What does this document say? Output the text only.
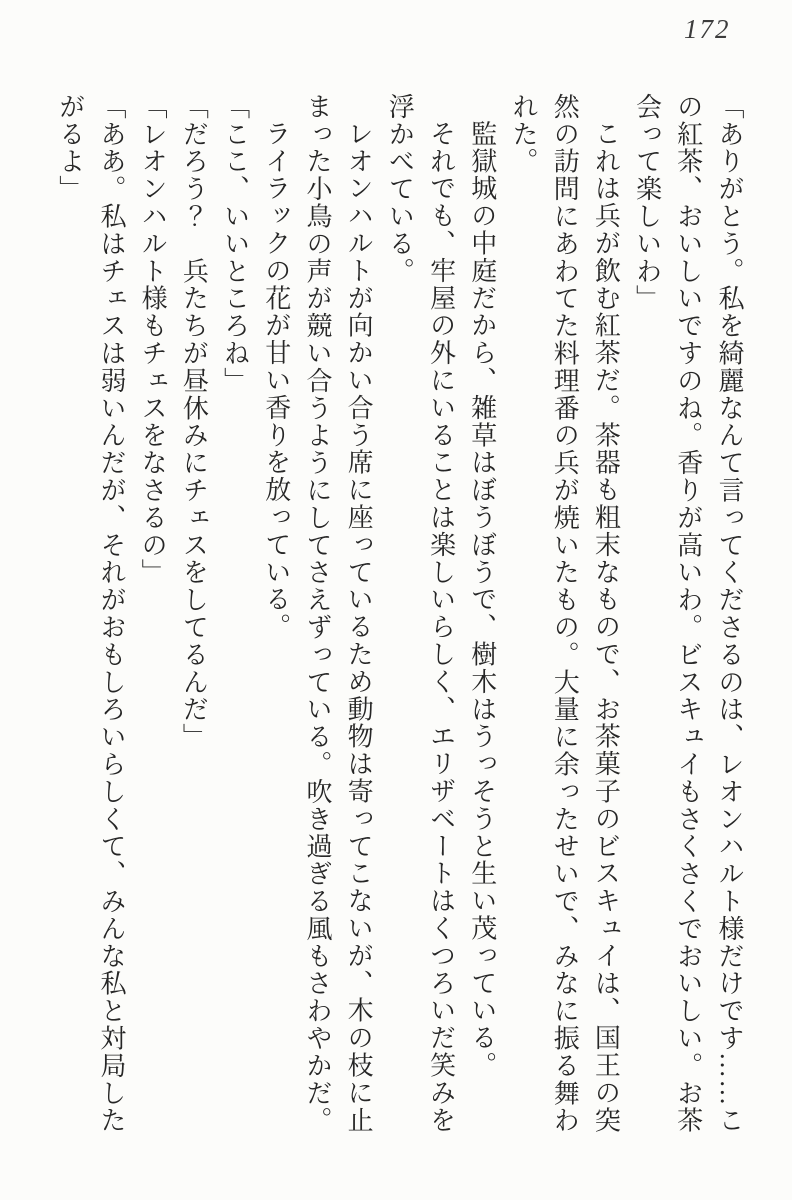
172

「ありがとう。私を綺麗なんて言ってくださるのは、レオンハルト様だけです……こ

の紅茶、おいしいですのね。香りが高いわ。ビスキュイもさくさくでおいしい。お茶

会って楽しいわ」

これは兵が飲む紅茶だ。茶器も粗末なもので、お茶菓子のビスキュイは、国王の突

然の訪問にあわてた料理番の兵が焼いたもの。大量に余ったせいで、みなに振る舞わ

れた。

監獄城の中庭だから、雑草はぼうぼうで、樹木はうっそうと生い茂っている。

それでも、牢屋の外にいることは楽しいらしく、エリザベートはくつろいだ笑みを

浮かべている。

レオンハルトが向かい合う席に座っているため動物は寄ってこないが、木の枝に止

まった小鳥の声が競い合うようにしてさえずっている。吹き過ぎる風もさわやかだ。

ライラックの花が甘い香りを放っている。

「ここ、いいところね」

「だろう？　兵たちが昼休みにチェスをしてるんだ」

「レオンハルト様もチェスをなさるの」

「ああ。私はチェスは弱いんだが、それがおもしろいらしくて、みんな私と対局した

がるよ」
